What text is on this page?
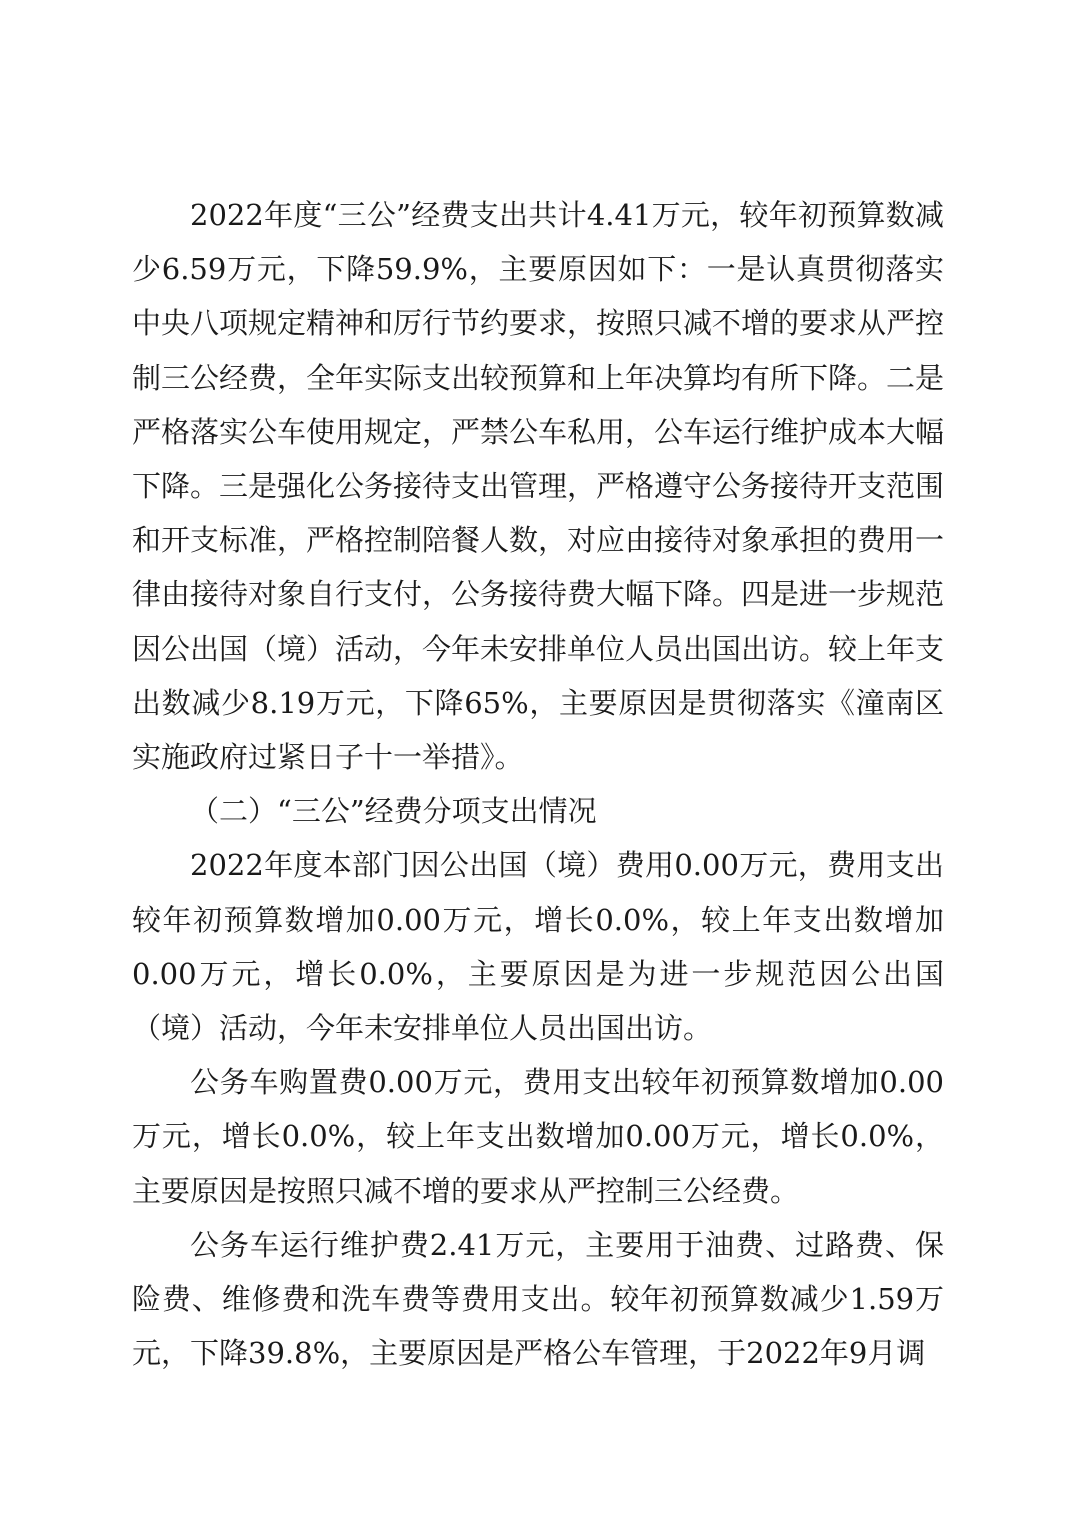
2022年度“三公”经费支出共计4.41万元，较年初预算数减少6.59万元，下降59.9%，主要原因如下：一是认真贯彻落实中央八项规定精神和厉行节约要求，按照只减不增的要求从严控制三公经费，全年实际支出较预算和上年决算均有所下降。二是严格落实公车使用规定，严禁公车私用，公车运行维护成本大幅下降。三是强化公务接待支出管理，严格遵守公务接待开支范围和开支标准，严格控制陪餐人数，对应由接待对象承担的费用一律由接待对象自行支付，公务接待费大幅下降。四是进一步规范因公出国（境）活动，今年未安排单位人员出国出访。较上年支出数减少8.19万元，下降65%，主要原因是贯彻落实《潼南区实施政府过紧日子十一举措》。

（二）“三公”经费分项支出情况

2022年度本部门因公出国（境）费用0.00万元，费用支出较年初预算数增加0.00万元，增长0.0%，较上年支出数增加0.00万元，增长0.0%，主要原因是为进一步规范因公出国（境）活动，今年未安排单位人员出国出访。

公务车购置费0.00万元，费用支出较年初预算数增加0.00万元，增长0.0%，较上年支出数增加0.00万元，增长0.0%，主要原因是按照只减不增的要求从严控制三公经费。

公务车运行维护费2.41万元，主要用于油费、过路费、保险费、维修费和洗车费等费用支出。较年初预算数减少1.59万元，下降39.8%，主要原因是严格公车管理，于2022年9月调
